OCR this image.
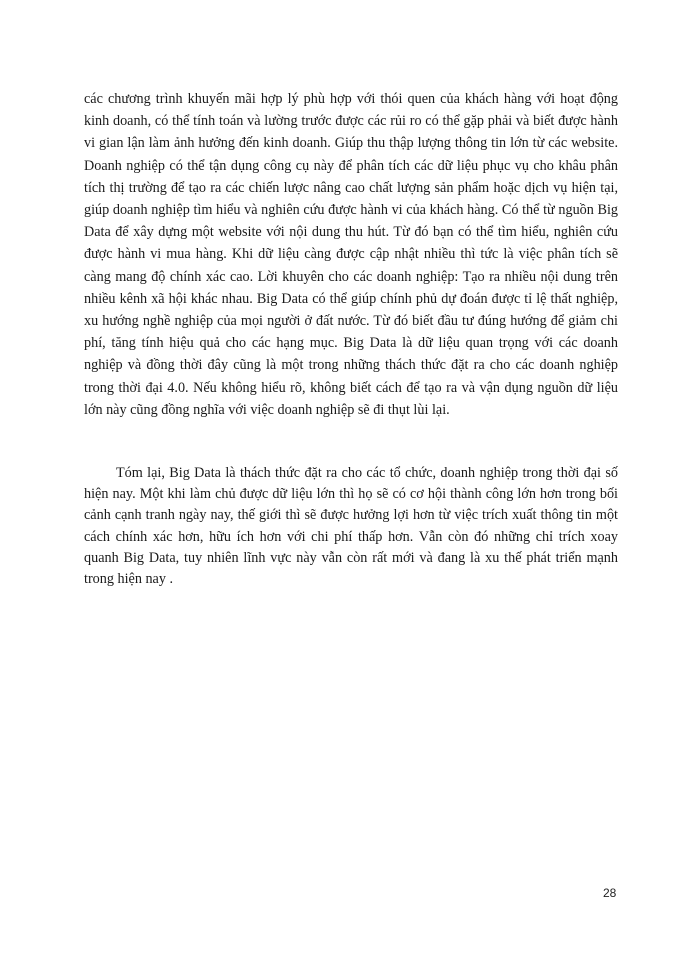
các chương trình khuyến mãi hợp lý phù hợp với thói quen của khách hàng với hoạt động kinh doanh, có thể tính toán và lường trước được các rủi ro có thể gặp phải và biết được hành vi gian lận làm ảnh hưởng đến kinh doanh. Giúp thu thập lượng thông tin lớn từ các website. Doanh nghiệp có thể tận dụng công cụ này để phân tích các dữ liệu phục vụ cho khâu phân tích thị trường để tạo ra các chiến lược nâng cao chất lượng sản phẩm hoặc dịch vụ hiện tại, giúp doanh nghiệp tìm hiểu và nghiên cứu được hành vi của khách hàng. Có thể từ nguồn Big Data để xây dựng một website với nội dung thu hút. Từ đó bạn có thể tìm hiểu, nghiên cứu được hành vi mua hàng. Khi dữ liệu càng được cập nhật nhiều thì tức là việc phân tích sẽ càng mang độ chính xác cao. Lời khuyên cho các doanh nghiệp: Tạo ra nhiều nội dung trên nhiều kênh xã hội khác nhau. Big Data có thể giúp chính phủ dự đoán được tỉ lệ thất nghiệp, xu hướng nghề nghiệp của mọi người ở đất nước. Từ đó biết đầu tư đúng hướng để giảm chi phí, tăng tính hiệu quả cho các hạng mục. Big Data là dữ liệu quan trọng với các doanh nghiệp và đồng thời đây cũng là một trong những thách thức đặt ra cho các doanh nghiệp trong thời đại 4.0. Nếu không hiểu rõ, không biết cách để tạo ra và vận dụng nguồn dữ liệu lớn này cũng đồng nghĩa với việc doanh nghiệp sẽ đi thụt lùi lại.

Tóm lại, Big Data là thách thức đặt ra cho các tổ chức, doanh nghiệp trong thời đại số hiện nay. Một khi làm chủ được dữ liệu lớn thì họ sẽ có cơ hội thành công lớn hơn trong bối cảnh cạnh tranh ngày nay, thế giới thì sẽ được hưởng lợi hơn từ việc trích xuất thông tin một cách chính xác hơn, hữu ích hơn với chi phí thấp hơn. Vẫn còn đó những chỉ trích xoay quanh Big Data, tuy nhiên lĩnh vực này vẫn còn rất mới và đang là xu thế phát triển mạnh trong hiện nay .

28
